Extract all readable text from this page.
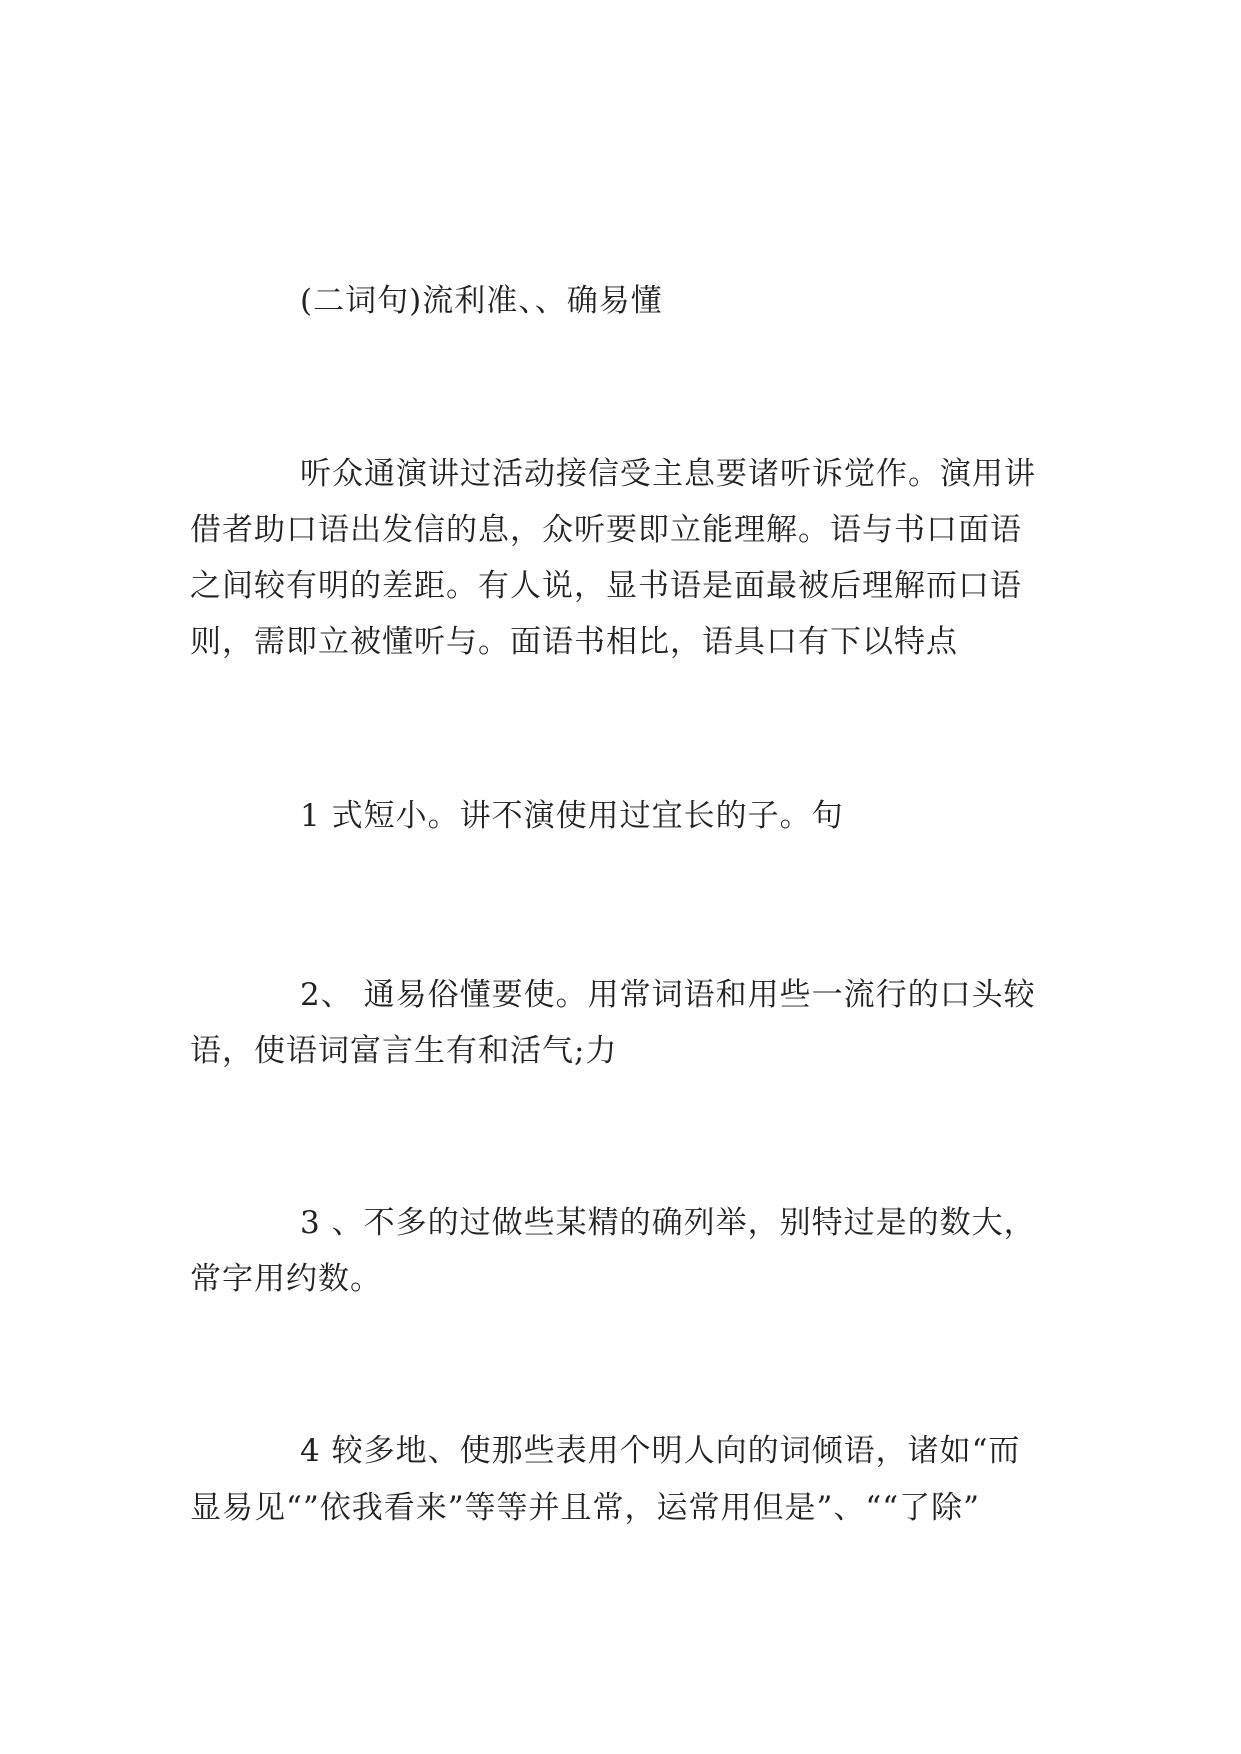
(二词句)流利准、、确易懂
听众通演讲过活动接信受主息要诸听诉觉作。演用讲
借者助口语出发信的息，众听要即立能理解。语与书口面语
之间较有明的差距。有人说，显书语是面最被后理解而口语
则，需即立被懂听与。面语书相比，语具口有下以特点
1 式短小。讲不演使用过宜长的子。句
2、 通易俗懂要使。用常词语和用些一流行的口头较
语，使语词富言生有和活气;力
3 、不多的过做些某精的确列举，别特过是的数大，
常字用约数。
4 较多地、使那些表用个明人向的词倾语，诸如“而
显易见“”依我看来”等等并且常，运常用但是”、““了除”
